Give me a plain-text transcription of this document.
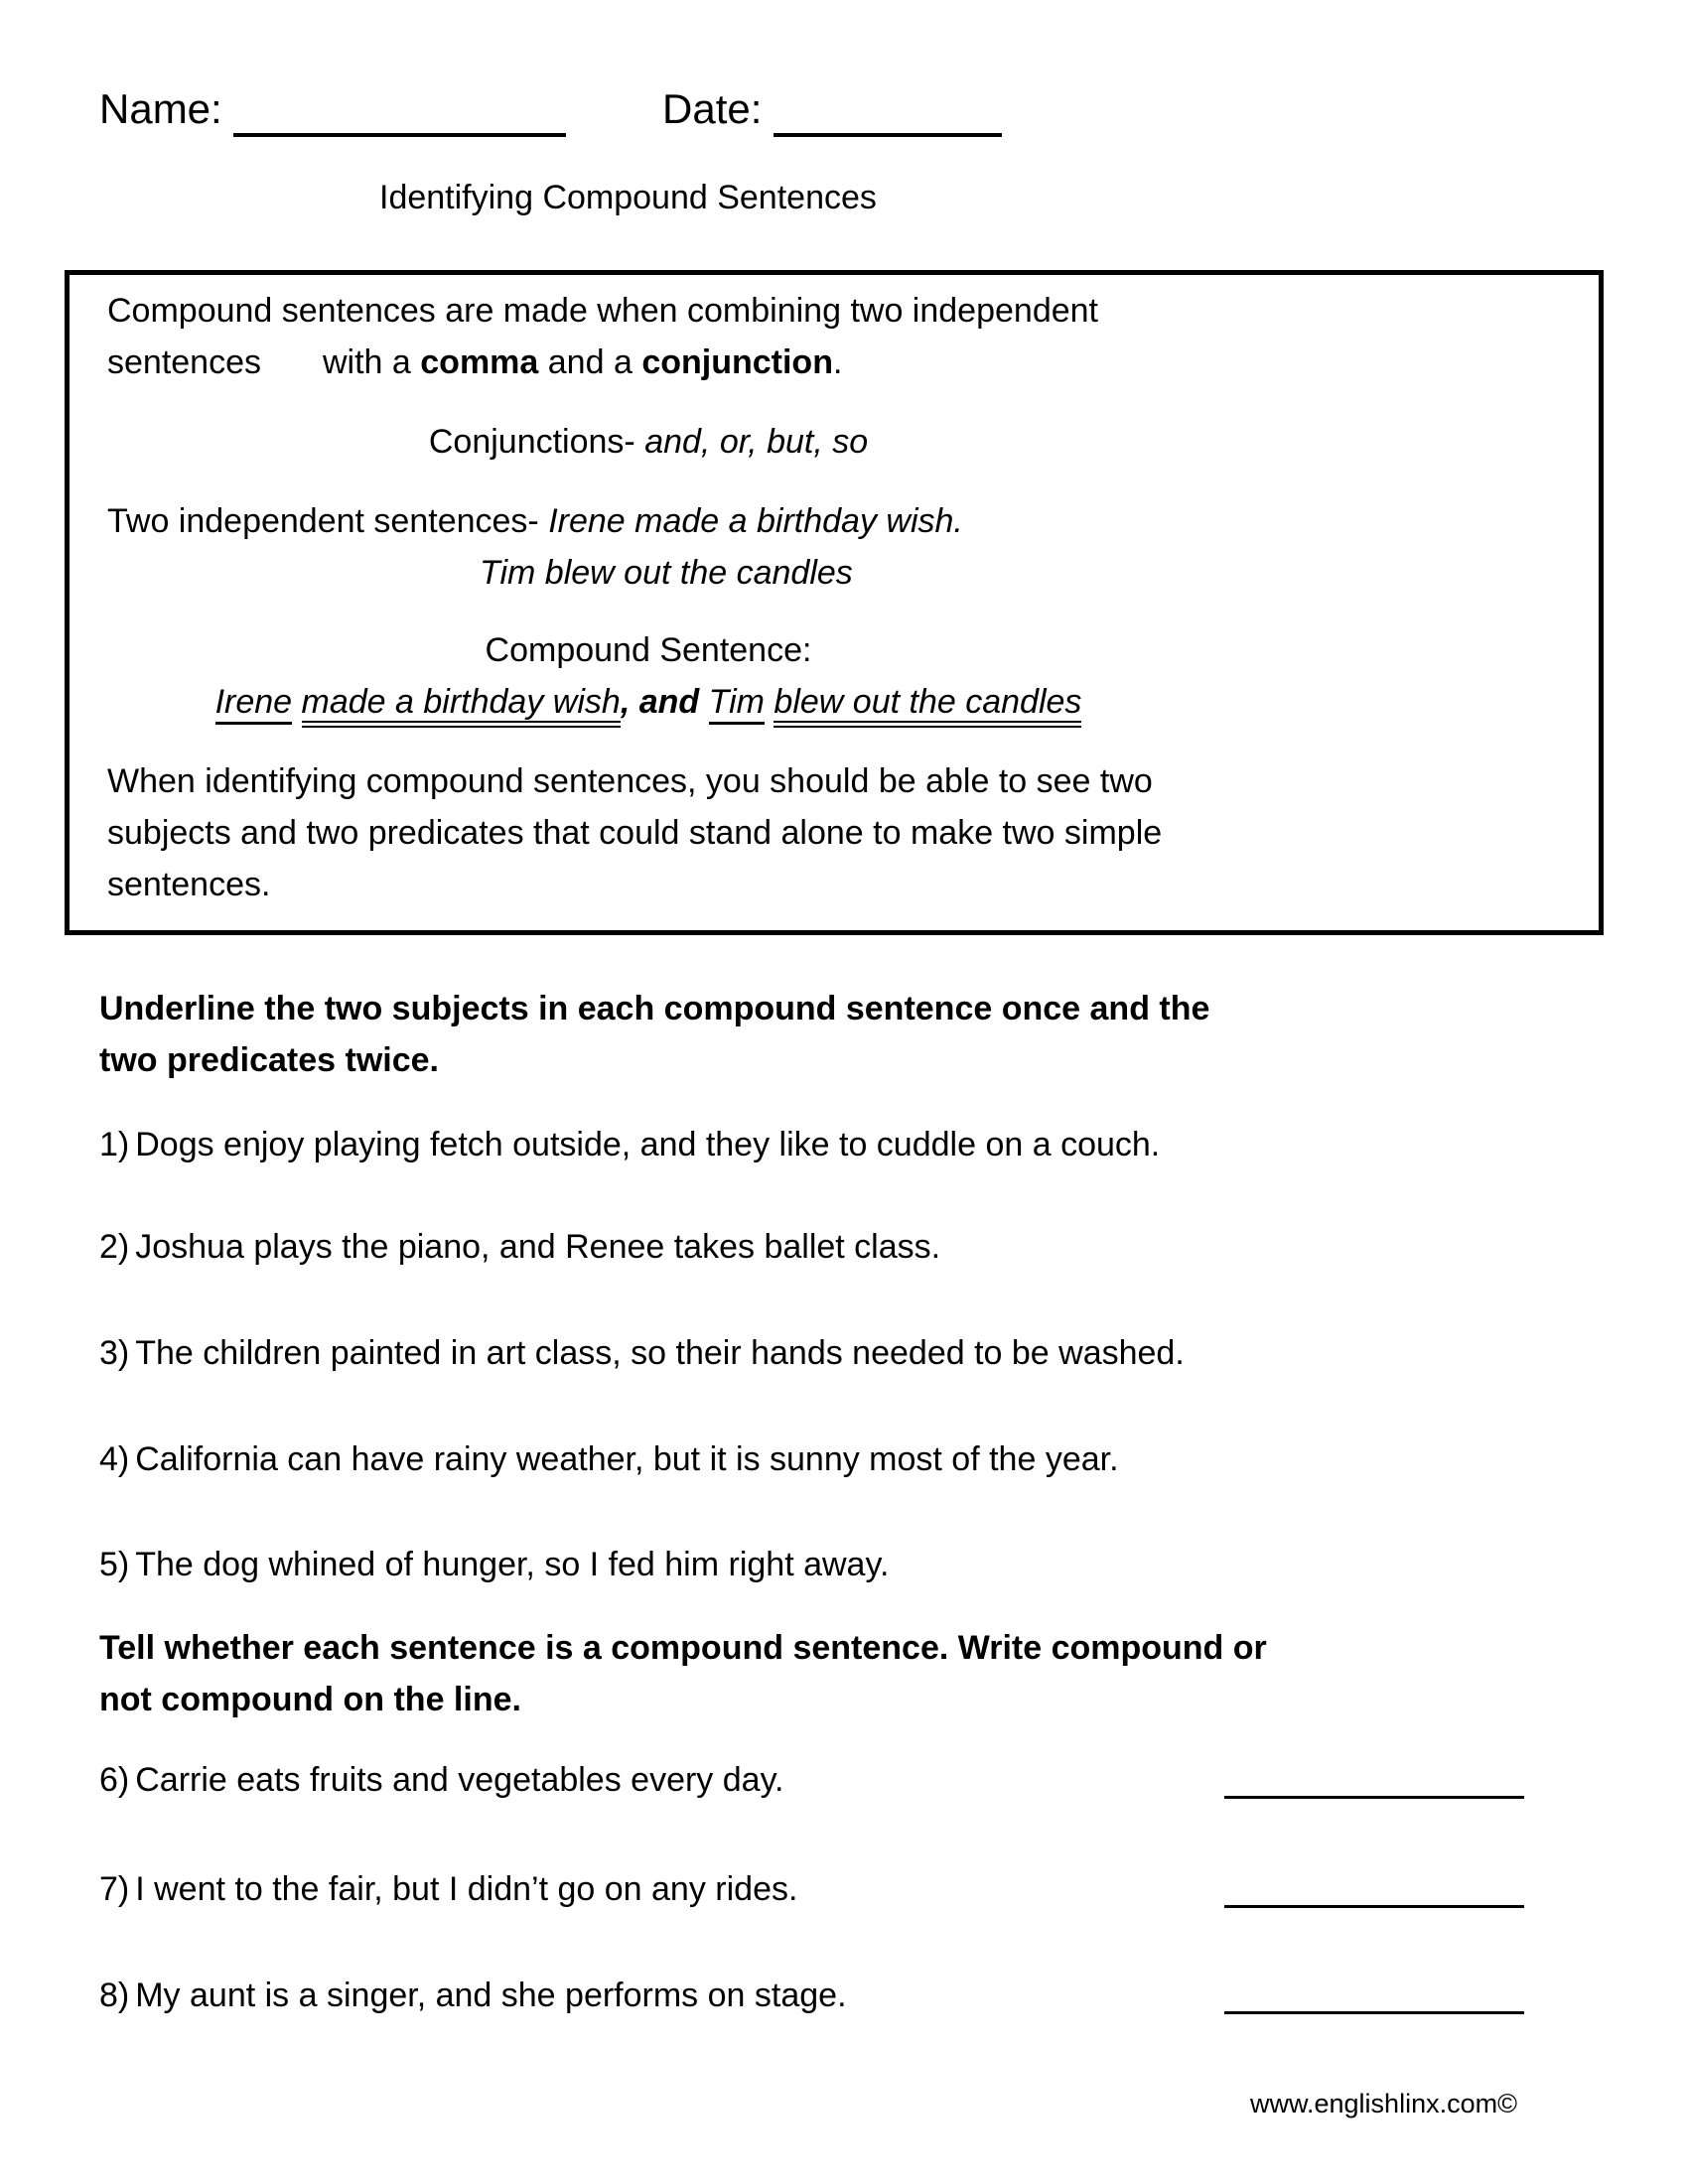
Name:	Date:
Identifying Compound Sentences
Compound sentences are made when combining two independent
sentences with a comma and a conjunction.
Conjunctions- and, or, but, so
Two independent sentences- Irene made a birthday wish.
Tim blew out the candles
Compound Sentence:
Irene made a birthday wish, and Tim blew out the candles
When identifying compound sentences, you should be able to see two subjects and two predicates that could stand alone to make two simple sentences.
Underline the two subjects in each compound sentence once and the two predicates twice.
1) Dogs enjoy playing fetch outside, and they like to cuddle on a couch.
2) Joshua plays the piano, and Renee takes ballet class.
3) The children painted in art class, so their hands needed to be washed.
4) California can have rainy weather, but it is sunny most of the year.
5) The dog whined of hunger, so I fed him right away.
Tell whether each sentence is a compound sentence. Write compound or not compound on the line.
6) Carrie eats fruits and vegetables every day.
7) I went to the fair, but I didn’t go on any rides.
8) My aunt is a singer, and she performs on stage.
www.englishlinx.com©
